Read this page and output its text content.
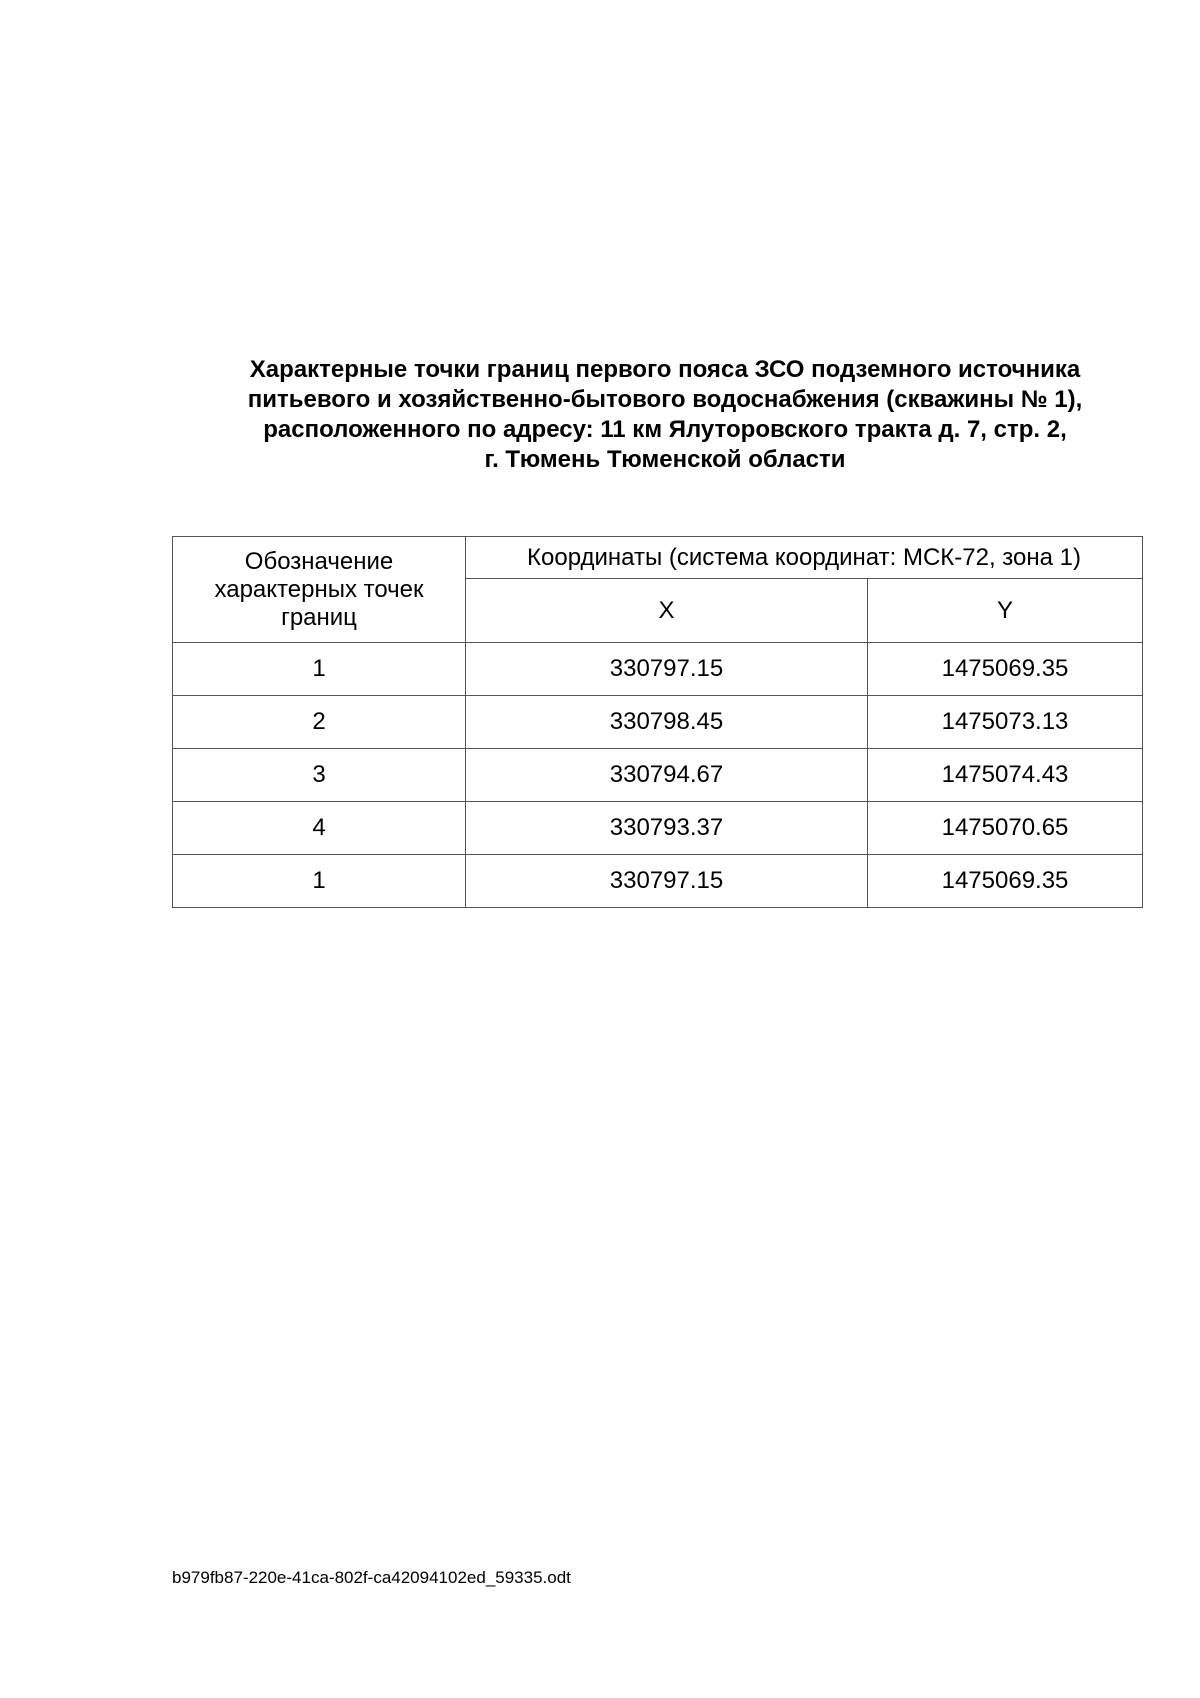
Характерные точки границ первого пояса ЗСО подземного источника
питьевого и хозяйственно-бытового водоснабжения (скважины № 1),
расположенного по адресу: 11 км Ялуторовского тракта д. 7, стр. 2,
г. Тюмень Тюменской области
Обозначение характерных точек границ	Координаты (система координат: МСК-72, зона 1)	
	X	Y
1	330797.15	1475069.35
2	330798.45	1475073.13
3	330794.67	1475074.43
4	330793.37	1475070.65
1	330797.15	1475069.35
b979fb87-220e-41ca-802f-ca42094102ed_59335.odt
